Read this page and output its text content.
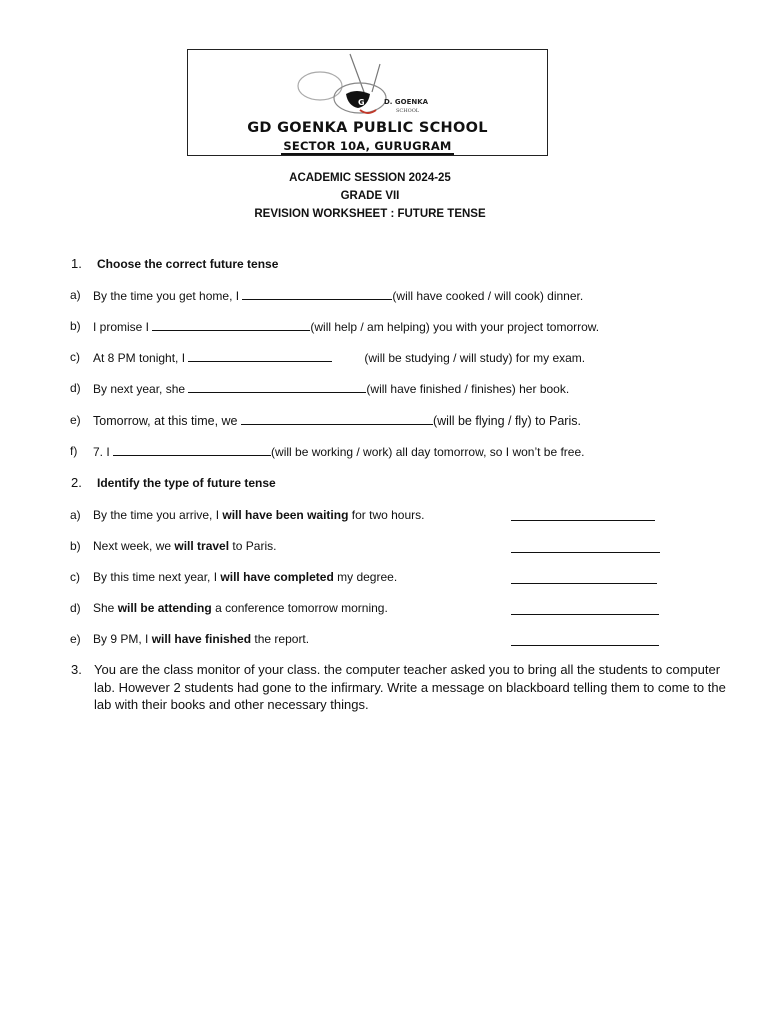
G	D. GOENKA
SCHOOL
GD GOENKA PUBLIC SCHOOL
SECTOR 10A, GURUGRAM
ACADEMIC SESSION 2024-25
GRADE VII
REVISION WORKSHEET : FUTURE TENSE
1. Choose the correct future tense
a) By the time you get home, I	(will have cooked / will cook) dinner.
b) I promise I	(will help / am helping) you with your project tomorrow.
c) At 8 PM tonight, I	(will be studying / will study) for my exam.
d) By next year, she	(will have finished / finishes) her book.
e) Tomorrow, at this time, we	(will be flying / fly) to Paris.
f) 7. I	(will be working / work) all day tomorrow, so I won’t be free.
2. Identify the type of future tense
a) By the time you arrive, I will have been waiting for two hours.
b) Next week, we will travel to Paris.
c) By this time next year, I will have completed my degree.
d) She will be attending a conference tomorrow morning.
e) By 9 PM, I will have finished the report.
3. You are the class monitor of your class. the computer teacher asked you to bring all the students to computer lab. However 2 students had gone to the infirmary. Write a message on blackboard telling them to come to the lab with their books and other necessary things.
